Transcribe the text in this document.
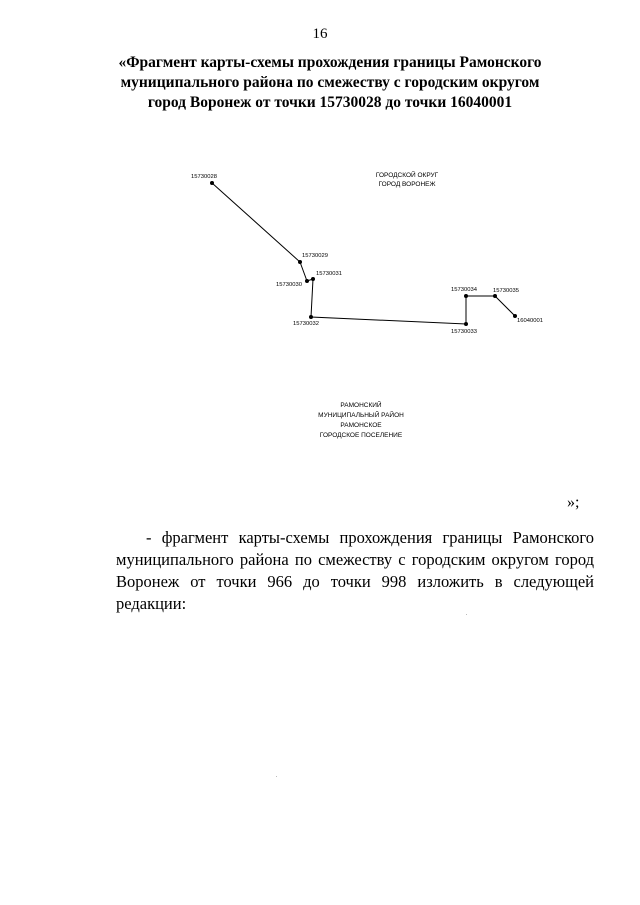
16

«Фрагмент карты-схемы прохождения границы Рамонского муниципального района по смежеству с городским округом город Воронеж от точки 15730028 до точки 16040001

15730028
15730029
15730030
15730031
15730032
15730033
15730034	15730035
16040001
ГОРОДСКОЙ ОКРУГ
ГОРОД ВОРОНЕЖ
РАМОНСКИЙ
МУНИЦИПАЛЬНЫЙ РАЙОН
РАМОНСКОЕ
ГОРОДСКОЕ ПОСЕЛЕНИЕ
»;

- фрагмент карты-схемы прохождения границы Рамонского муниципального района по смежеству с городским округом город Воронеж от точки 966 до точки 998 изложить в следующей редакции:
